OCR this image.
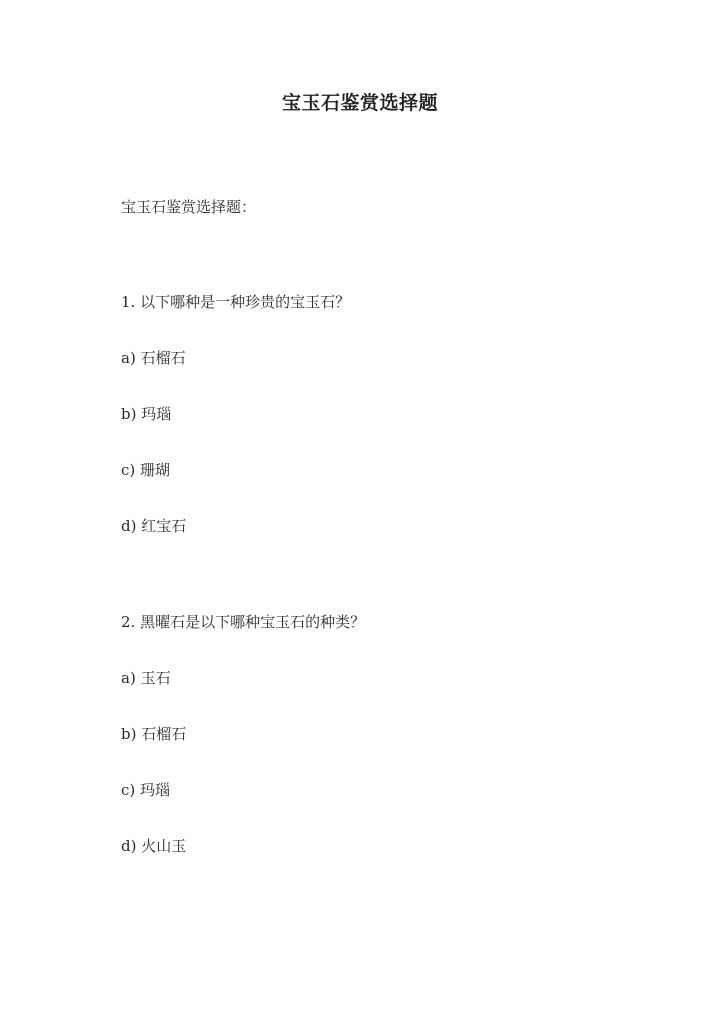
宝玉石鉴赏选择题

宝玉石鉴赏选择题：

1. 以下哪种是一种珍贵的宝玉石？

a) 石榴石

b) 玛瑙

c) 珊瑚

d) 红宝石

2. 黑曜石是以下哪种宝玉石的种类？

a) 玉石

b) 石榴石

c) 玛瑙

d) 火山玉
